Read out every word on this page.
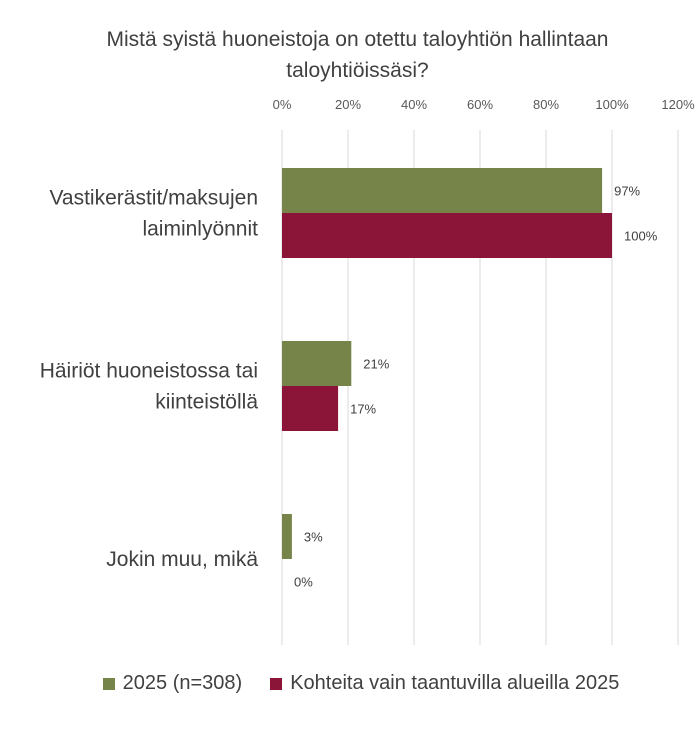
Mistä syistä huoneistoja on otettu taloyhtiön hallintaan
taloyhtiöissäsi?
0%	20%	40%	60%	80%	100%	120%
97%
100%
Vastikerästit/maksujen laiminlyönnit
21%
17%
Häiriöt huoneistossa tai kiinteistöllä
3%
0%
Jokin muu, mikä
2025 (n=308) Kohteita vain taantuvilla alueilla 2025
